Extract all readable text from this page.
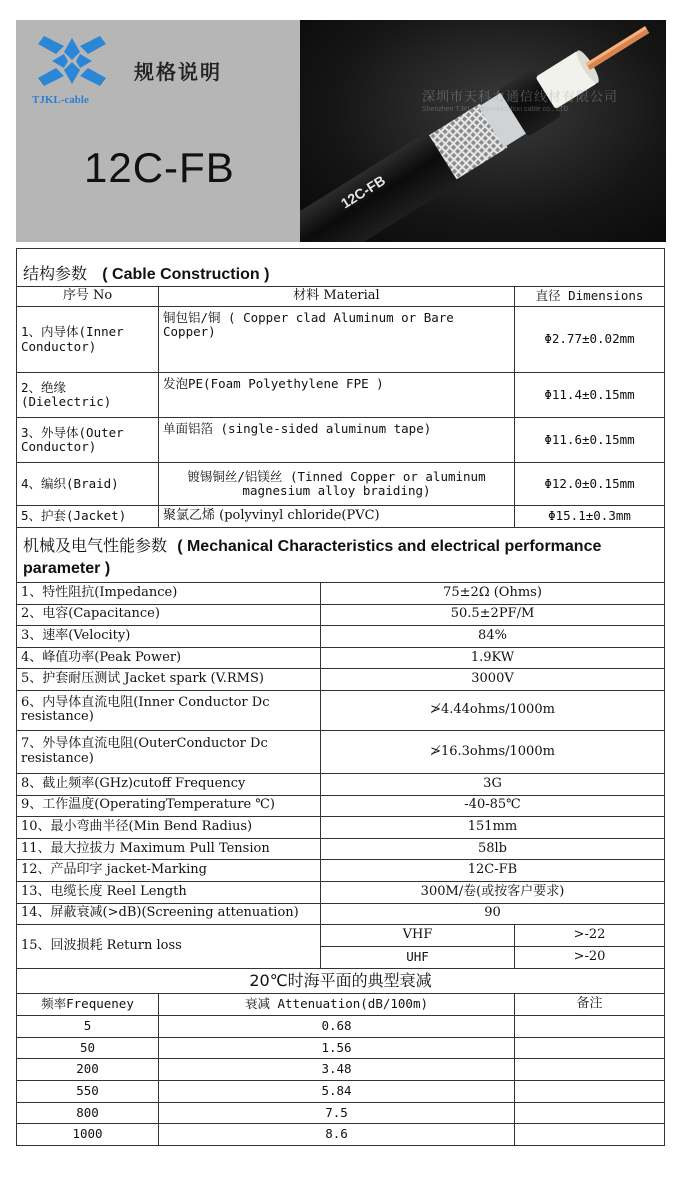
TJKL-cable
规格说明
12C-FB
12C-FB
深圳市天科力通信线材有限公司
Shenzhen TJKL Communication cable co., LTD
结构参数 ( Cable Construction )			
序号 No	材料 Material		直径 Dimensions
1、内导体(Inner Conductor)	铜包铝/铜 ( Copper clad Aluminum or Bare Copper)		Φ2.77±0.02mm
2、绝缘(Dielectric)	发泡PE(Foam Polyethylene FPE )		Φ11.4±0.15mm
3、外导体(Outer Conductor)	单面铝箔 (single-sided aluminum tape)		Φ11.6±0.15mm
4、编织(Braid)	镀锡铜丝/铝镁丝 (Tinned Copper or aluminum magnesium alloy braiding)		Φ12.0±0.15mm
5、护套(Jacket)	聚氯乙烯 (polyvinyl chloride(PVC)		Φ15.1±0.3mm
机械及电气性能参数 ( Mechanical Characteristics and electrical performance parameter )			
1、特性阻抗(Impedance)		75±2Ω (Ohms)	
2、电容(Capacitance)		50.5±2PF/M	
3、速率(Velocity)		84%	
4、峰值功率(Peak Power)		1.9KW	
5、护套耐压测试 Jacket spark (V.RMS)		3000V	
6、内导体直流电阻(Inner Conductor Dc resistance)		≯4.44ohms/1000m	
7、外导体直流电阻(OuterConductor Dc resistance)		≯16.3ohms/1000m	
8、截止频率(GHz)cutoff Frequency		3G	
9、工作温度(OperatingTemperature ℃)		-40-85℃	
10、最小弯曲半径(Min Bend Radius)		151mm	
11、最大拉拔力 Maximum Pull Tension		58lb	
12、产品印字 jacket-Marking		12C-FB	
13、电缆长度 Reel Length		300M/卷(或按客户要求)	
14、屏蔽衰减(>dB)(Screening attenuation)		90	
15、回波损耗 Return loss		VHF	>-22
		UHF	>-20
20℃时海平面的典型衰减			
频率Frequeney	衰减 Attenuation(dB/100m)		备注
5	0.68		
50	1.56		
200	3.48		
550	5.84		
800	7.5		
1000	8.6		
